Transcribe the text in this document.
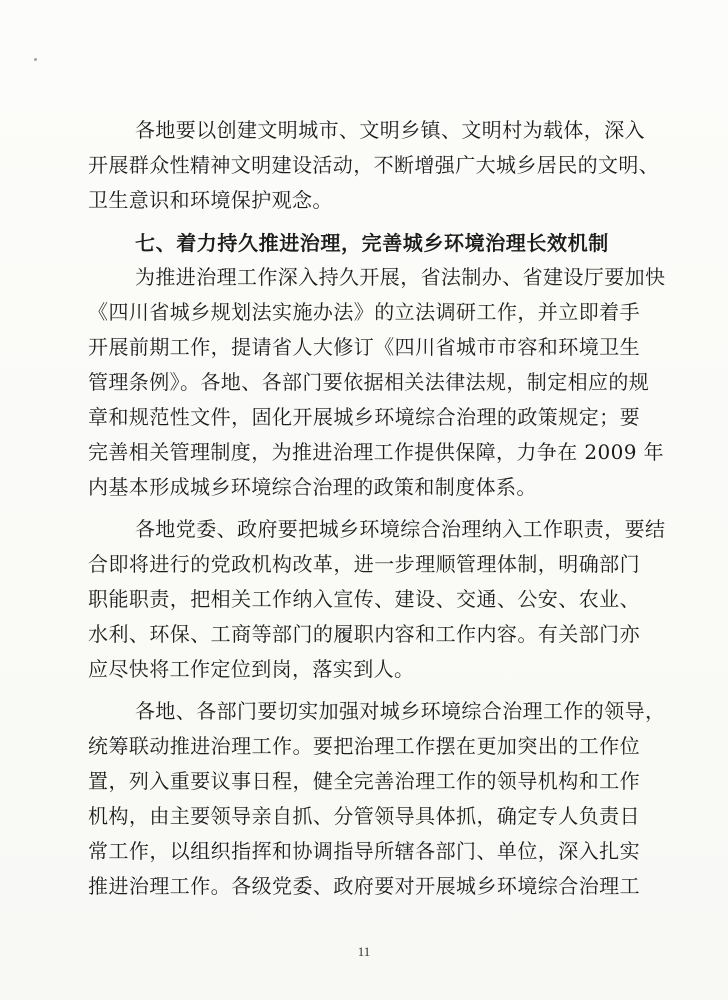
各地要以创建文明城市、文明乡镇、文明村为载体，深入
开展群众性精神文明建设活动，不断增强广大城乡居民的文明、
卫生意识和环境保护观念。
七、着力持久推进治理，完善城乡环境治理长效机制
为推进治理工作深入持久开展，省法制办、省建设厅要加快
《四川省城乡规划法实施办法》的立法调研工作，并立即着手
开展前期工作，提请省人大修订《四川省城市市容和环境卫生
管理条例》。各地、各部门要依据相关法律法规，制定相应的规
章和规范性文件，固化开展城乡环境综合治理的政策规定；要
完善相关管理制度，为推进治理工作提供保障，力争在 2009 年
内基本形成城乡环境综合治理的政策和制度体系。
各地党委、政府要把城乡环境综合治理纳入工作职责，要结
合即将进行的党政机构改革，进一步理顺管理体制，明确部门
职能职责，把相关工作纳入宣传、建设、交通、公安、农业、
水利、环保、工商等部门的履职内容和工作内容。有关部门亦
应尽快将工作定位到岗，落实到人。
各地、各部门要切实加强对城乡环境综合治理工作的领导，
统筹联动推进治理工作。要把治理工作摆在更加突出的工作位
置，列入重要议事日程，健全完善治理工作的领导机构和工作
机构，由主要领导亲自抓、分管领导具体抓，确定专人负责日
常工作，以组织指挥和协调指导所辖各部门、单位，深入扎实
推进治理工作。各级党委、政府要对开展城乡环境综合治理工
11
